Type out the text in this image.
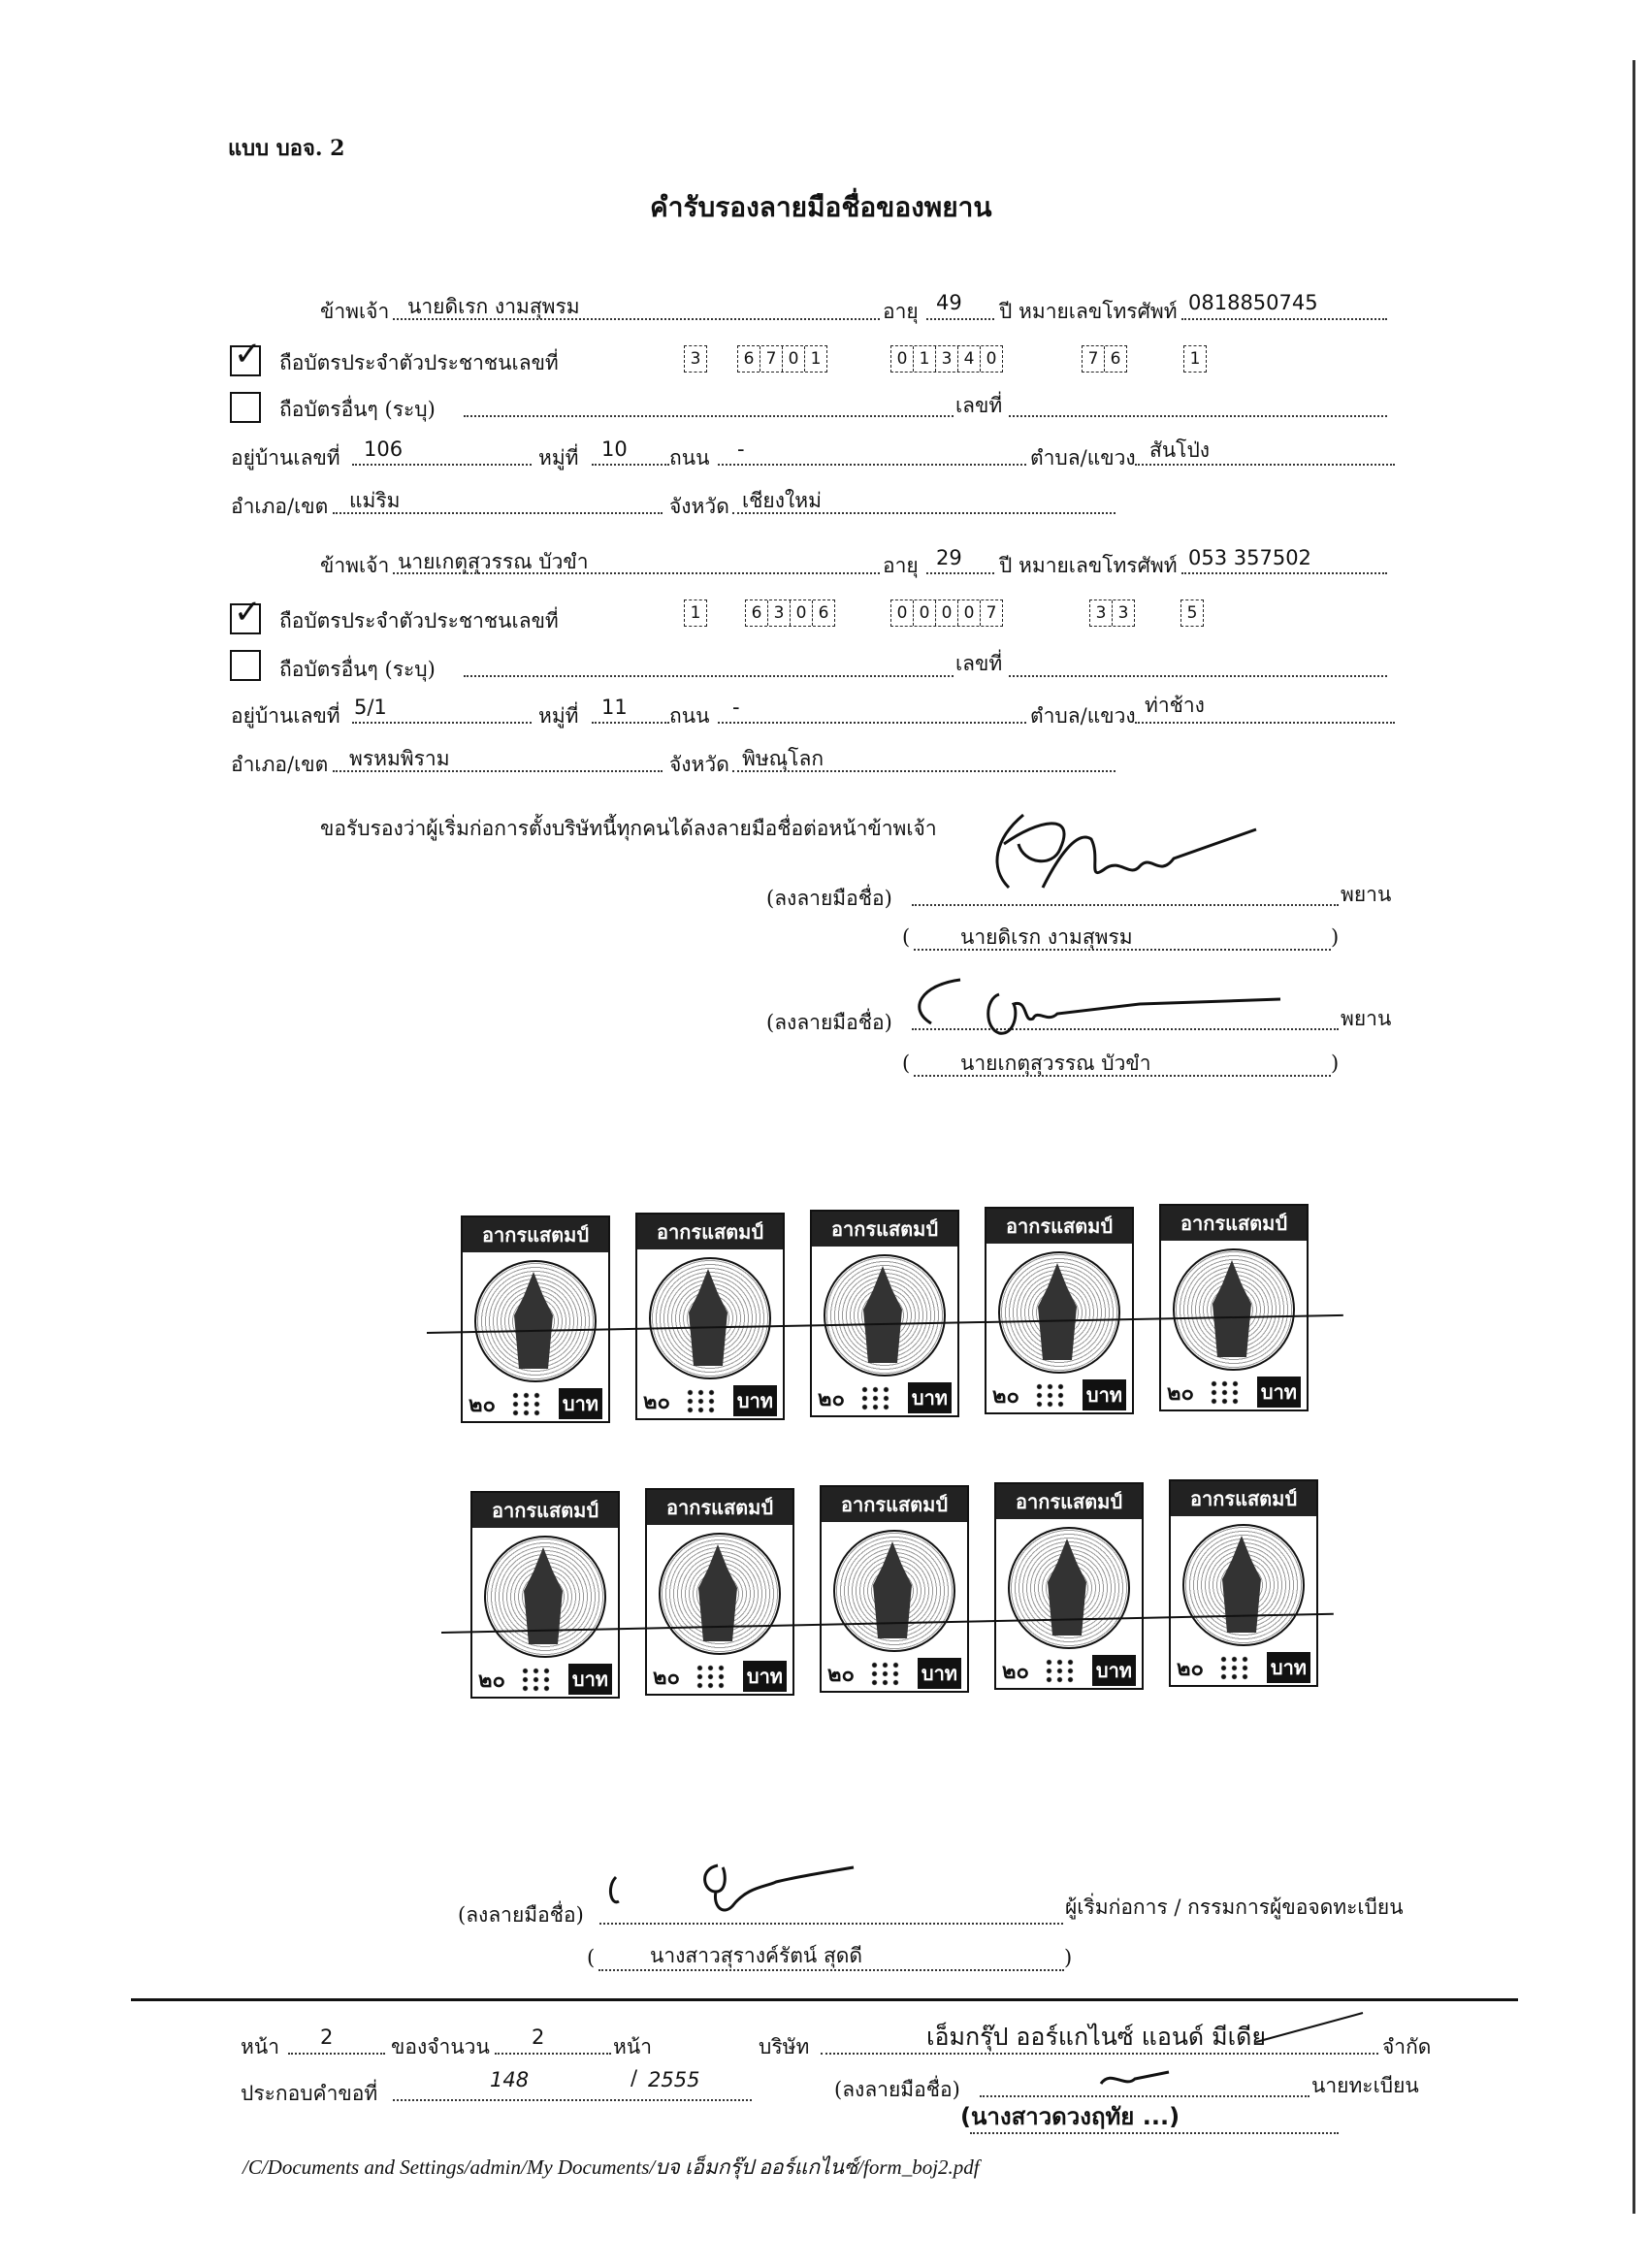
แบบ บอจ. 2
คำรับรองลายมือชื่อของพยาน
ข้าพเจ้า นายดิเรก งามสุพรม	อายุ 49 ปี หมายเลขโทรศัพท์ 0818850745
✓ ถือบัตรประจำตัวประชาชนเลขที่	3	6 7 0 1	0 1 3 4 0	7 6	1
ถือบัตรอื่นๆ (ระบุ)	เลขที่
อยู่บ้านเลขที่ 106	หมู่ที่ 10 ถนน -	ตำบล/แขวง สันโป่ง
อำเภอ/เขต แม่ริม	จังหวัด เชียงใหม่
ข้าพเจ้า นายเกตุสุวรรณ บัวขำ	อายุ 29 ปี หมายเลขโทรศัพท์ 053 357502
✓ ถือบัตรประจำตัวประชาชนเลขที่	1	6 3 0 6	0 0 0 0 7	3 3	5
ถือบัตรอื่นๆ (ระบุ)	เลขที่
อยู่บ้านเลขที่ 5/1	หมู่ที่ 11 ถนน -	ตำบล/แขวง ท่าช้าง
อำเภอ/เขต พรหมพิราม	จังหวัด พิษณุโลก
ขอรับรองว่าผู้เริ่มก่อการตั้งบริษัทนี้ทุกคนได้ลงลายมือชื่อต่อหน้าข้าพเจ้า
(ลงลายมือชื่อ)	พยาน
( นายดิเรก งามสุพรม	)
(ลงลายมือชื่อ)	พยาน
( นายเกตุสุวรรณ บัวขำ	)
อากรแสตมป์
๒๐	บาท
อากรแสตมป์
๒๐	บาท
อากรแสตมป์
๒๐	บาท
อากรแสตมป์
๒๐	บาท
อากรแสตมป์
๒๐	บาท
อากรแสตมป์
๒๐	บาท
อากรแสตมป์
๒๐	บาท
อากรแสตมป์
๒๐	บาท
อากรแสตมป์
๒๐	บาท
อากรแสตมป์
๒๐	บาท
(ลงลายมือชื่อ)	ผู้เริ่มก่อการ / กรรมการผู้ขอจดทะเบียน
(	นางสาวสุรางค์รัตน์ สุดดี	)
หน้า 2	ของจำนวน 2	หน้า	บริษัท	เอ็มกรุ๊ป ออร์แกไนซ์ แอนด์ มีเดีย	จำกัด
ประกอบคำขอที่
148	/ 2555	(ลงลายมือชื่อ)	นายทะเบียน
(นางสาวดวงฤทัย ...)
/C/Documents and Settings/admin/My Documents/บจ เอ็มกรุ๊ป ออร์แกไนซ์/form_boj2.pdf
